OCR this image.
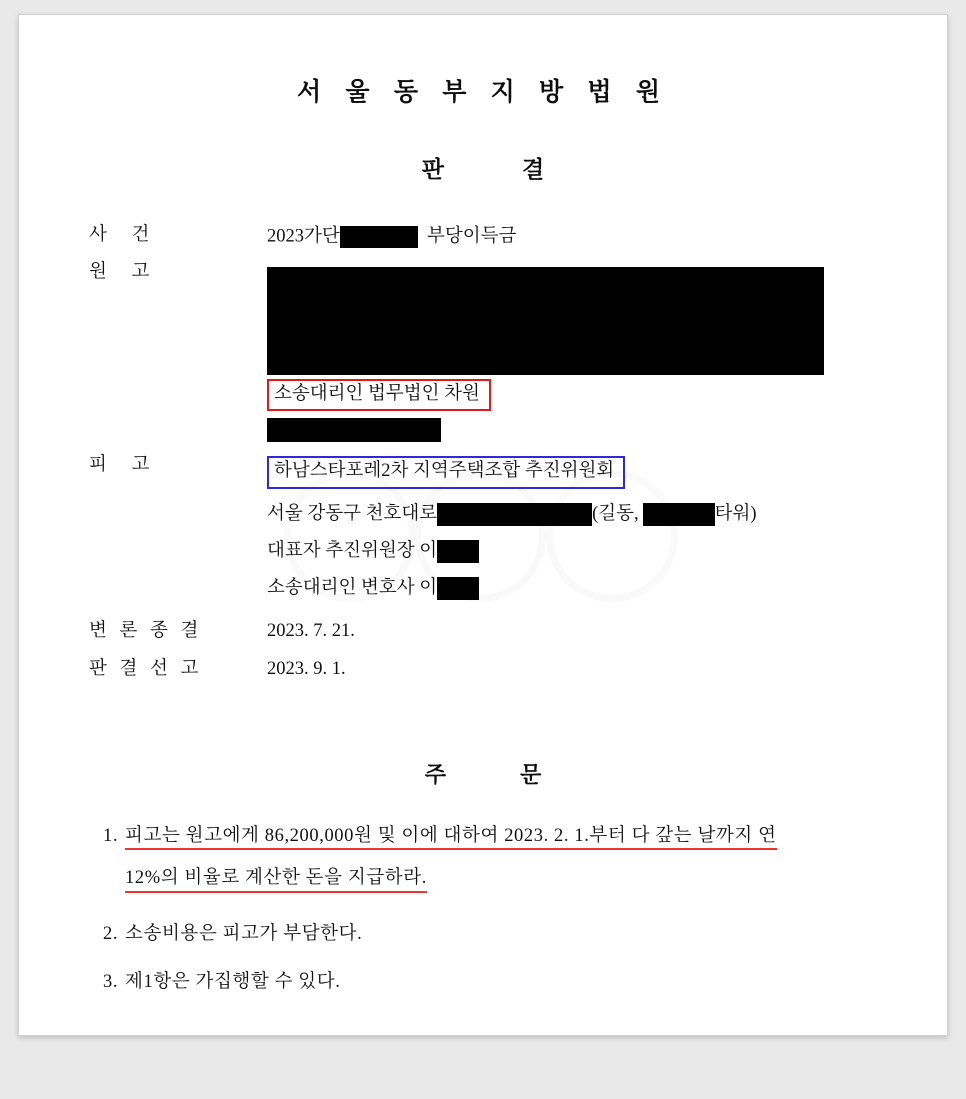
서 울 동 부 지 방 법 원
판	결
사 건	2023가단	부당이득금
원 고
소송대리인 법무법인 차원
피 고	하남스타포레2차 지역주택조합 추진위원회
서울 강동구 천호대로	(길동,	타워)
대표자 추진위원장 이
소송대리인 변호사 이
변 론 종 결	2023. 7. 21.
판 결 선 고	2023. 9. 1.
주	문
1. 피고는 원고에게 86,200,000원 및 이에 대하여 2023. 2. 1.부터 다 갚는 날까지 연
12%의 비율로 계산한 돈을 지급하라.
2. 소송비용은 피고가 부담한다.
3. 제1항은 가집행할 수 있다.
